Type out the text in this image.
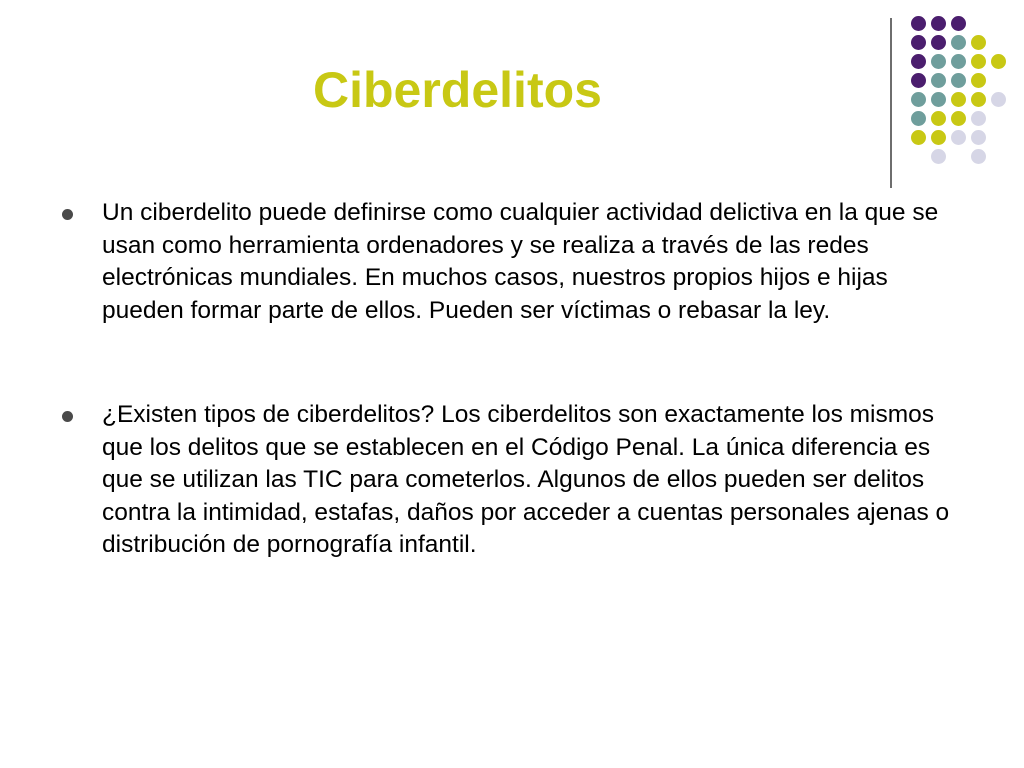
Ciberdelitos
Un ciberdelito puede definirse como cualquier actividad delictiva en la que se usan como herramienta ordenadores y se realiza a través de las redes electrónicas mundiales. En muchos casos, nuestros propios hijos e hijas pueden formar parte de ellos. Pueden ser víctimas o rebasar la ley.
¿Existen tipos de ciberdelitos? Los ciberdelitos son exactamente los mismos que los delitos que se establecen en el Código Penal. La única diferencia es que se utilizan las TIC para cometerlos. Algunos de ellos pueden ser delitos contra la intimidad, estafas, daños por acceder a cuentas personales ajenas o distribución de pornografía infantil.
